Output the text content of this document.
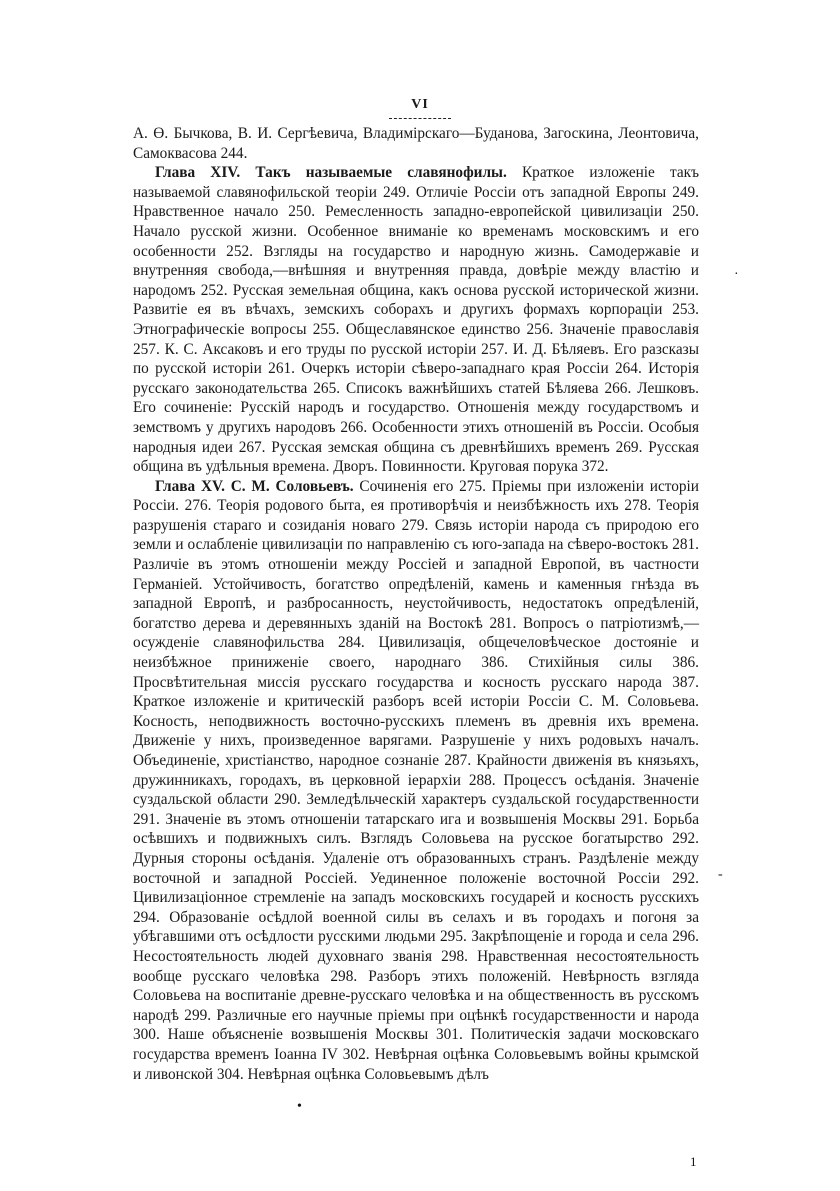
VI

А. Ө. Бычкова, В. И. Сергѣевича, Владимірскаго—Буданова, Загоскина, Леонтовича, Самоквасова 244.

Глава XIV. Такъ называемые славянофилы. Краткое изложеніе такъ называемой славянофильской теоріи 249. Отличіе Россіи отъ западной Европы 249. Нравственное начало 250. Ремесленность западно-европейской цивилизаціи 250. Начало русской жизни. Особенное вниманіе ко временамъ московскимъ и его особенности 252. Взгляды на государство и народную жизнь. Самодержавіе и внутренняя свобода,—внѣшняя и внутренняя правда, довѣріе между властію и народомъ 252. Русская земельная община, какъ основа русской исторической жизни. Развитіе ея въ вѣчахъ, земскихъ соборахъ и другихъ формахъ корпораціи 253. Этнографическіе вопросы 255. Общеславянское единство 256. Значеніе православія 257. К. С. Аксаковъ и его труды по русской исторіи 257. И. Д. Бѣляевъ. Его разсказы по русской исторіи 261. Очеркъ исторіи сѣверо-западнаго края Россіи 264. Исторія русскаго законодательства 265. Списокъ важнѣйшихъ статей Бѣляева 266. Лешковъ. Его сочиненіе: Русскій народъ и государство. Отношенія между государствомъ и земствомъ у другихъ народовъ 266. Особенности этихъ отношеній въ Россіи. Особыя народныя идеи 267. Русская земская община съ древнѣйшихъ временъ 269. Русская община въ удѣльныя времена. Дворъ. Повинности. Круговая порука 372.

Глава XV. С. М. Соловьевъ. Сочиненія его 275. Пріемы при изложеніи исторіи Россіи. 276. Теорія родового быта, ея противорѣчія и неизбѣжность ихъ 278. Теорія разрушенія стараго и созиданія новаго 279. Связь исторіи народа съ природою его земли и ослабленіе цивилизаціи по направленію съ юго-запада на сѣверо-востокъ 281. Различіе въ этомъ отношеніи между Россіей и западной Европой, въ частности Германіей. Устойчивость, богатство опредѣленій, камень и каменныя гнѣзда въ западной Европѣ, и разбросанность, неустойчивость, недостатокъ опредѣленій, богатство дерева и деревянныхъ зданій на Востокѣ 281. Вопросъ о патріотизмѣ,—осужденіе славянофильства 284. Цивилизація, общечеловѣческое достояніе и неизбѣжное приниженіе своего, народнаго 386. Стихійныя силы 386. Просвѣтительная миссія русскаго государства и косность русскаго народа 387. Краткое изложеніе и критическій разборъ всей исторіи Россіи С. М. Соловьева. Косность, неподвижность восточно-русскихъ племенъ въ древнія ихъ времена. Движеніе у нихъ, произведенное варягами. Разрушеніе у нихъ родовыхъ началъ. Объединеніе, христіанство, народное сознаніе 287. Крайности движенія въ князьяхъ, дружинникахъ, городахъ, въ церковной іерархіи 288. Процессъ осѣданія. Значеніе суздальской области 290. Земледѣльческій характеръ суздальской государственности 291. Значеніе въ этомъ отношеніи татарскаго ига и возвышенія Москвы 291. Борьба осѣвшихъ и подвижныхъ силъ. Взглядъ Соловьева на русское богатырство 292. Дурныя стороны осѣданія. Удаленіе отъ образованныхъ странъ. Раздѣленіе между восточной и западной Россіей. Уединенное положеніе восточной Россіи 292. Цивилизаціонное стремленіе на западъ московскихъ государей и косность русскихъ 294. Образованіе осѣдлой военной силы въ селахъ и въ городахъ и погоня за убѣгавшими отъ осѣдлости русскими людьми 295. Закрѣпощеніе и города и села 296. Несостоятельность людей духовнаго званія 298. Нравственная несостоятельность вообще русскаго человѣка 298. Разборъ этихъ положеній. Невѣрность взгляда Соловьева на воспитаніе древне-русскаго человѣка и на общественность въ русскомъ народѣ 299. Различные его научные пріемы при оцѣнкѣ государственности и народа 300. Наше объясненіе возвышенія Москвы 301. Политическія задачи московскаго государства временъ Іоанна IV 302. Невѣрная оцѣнка Соловьевымъ войны крымской и ливонской 304. Невѣрная оцѣнка Соловьевымъ дѣлъ

·
-
•
1
